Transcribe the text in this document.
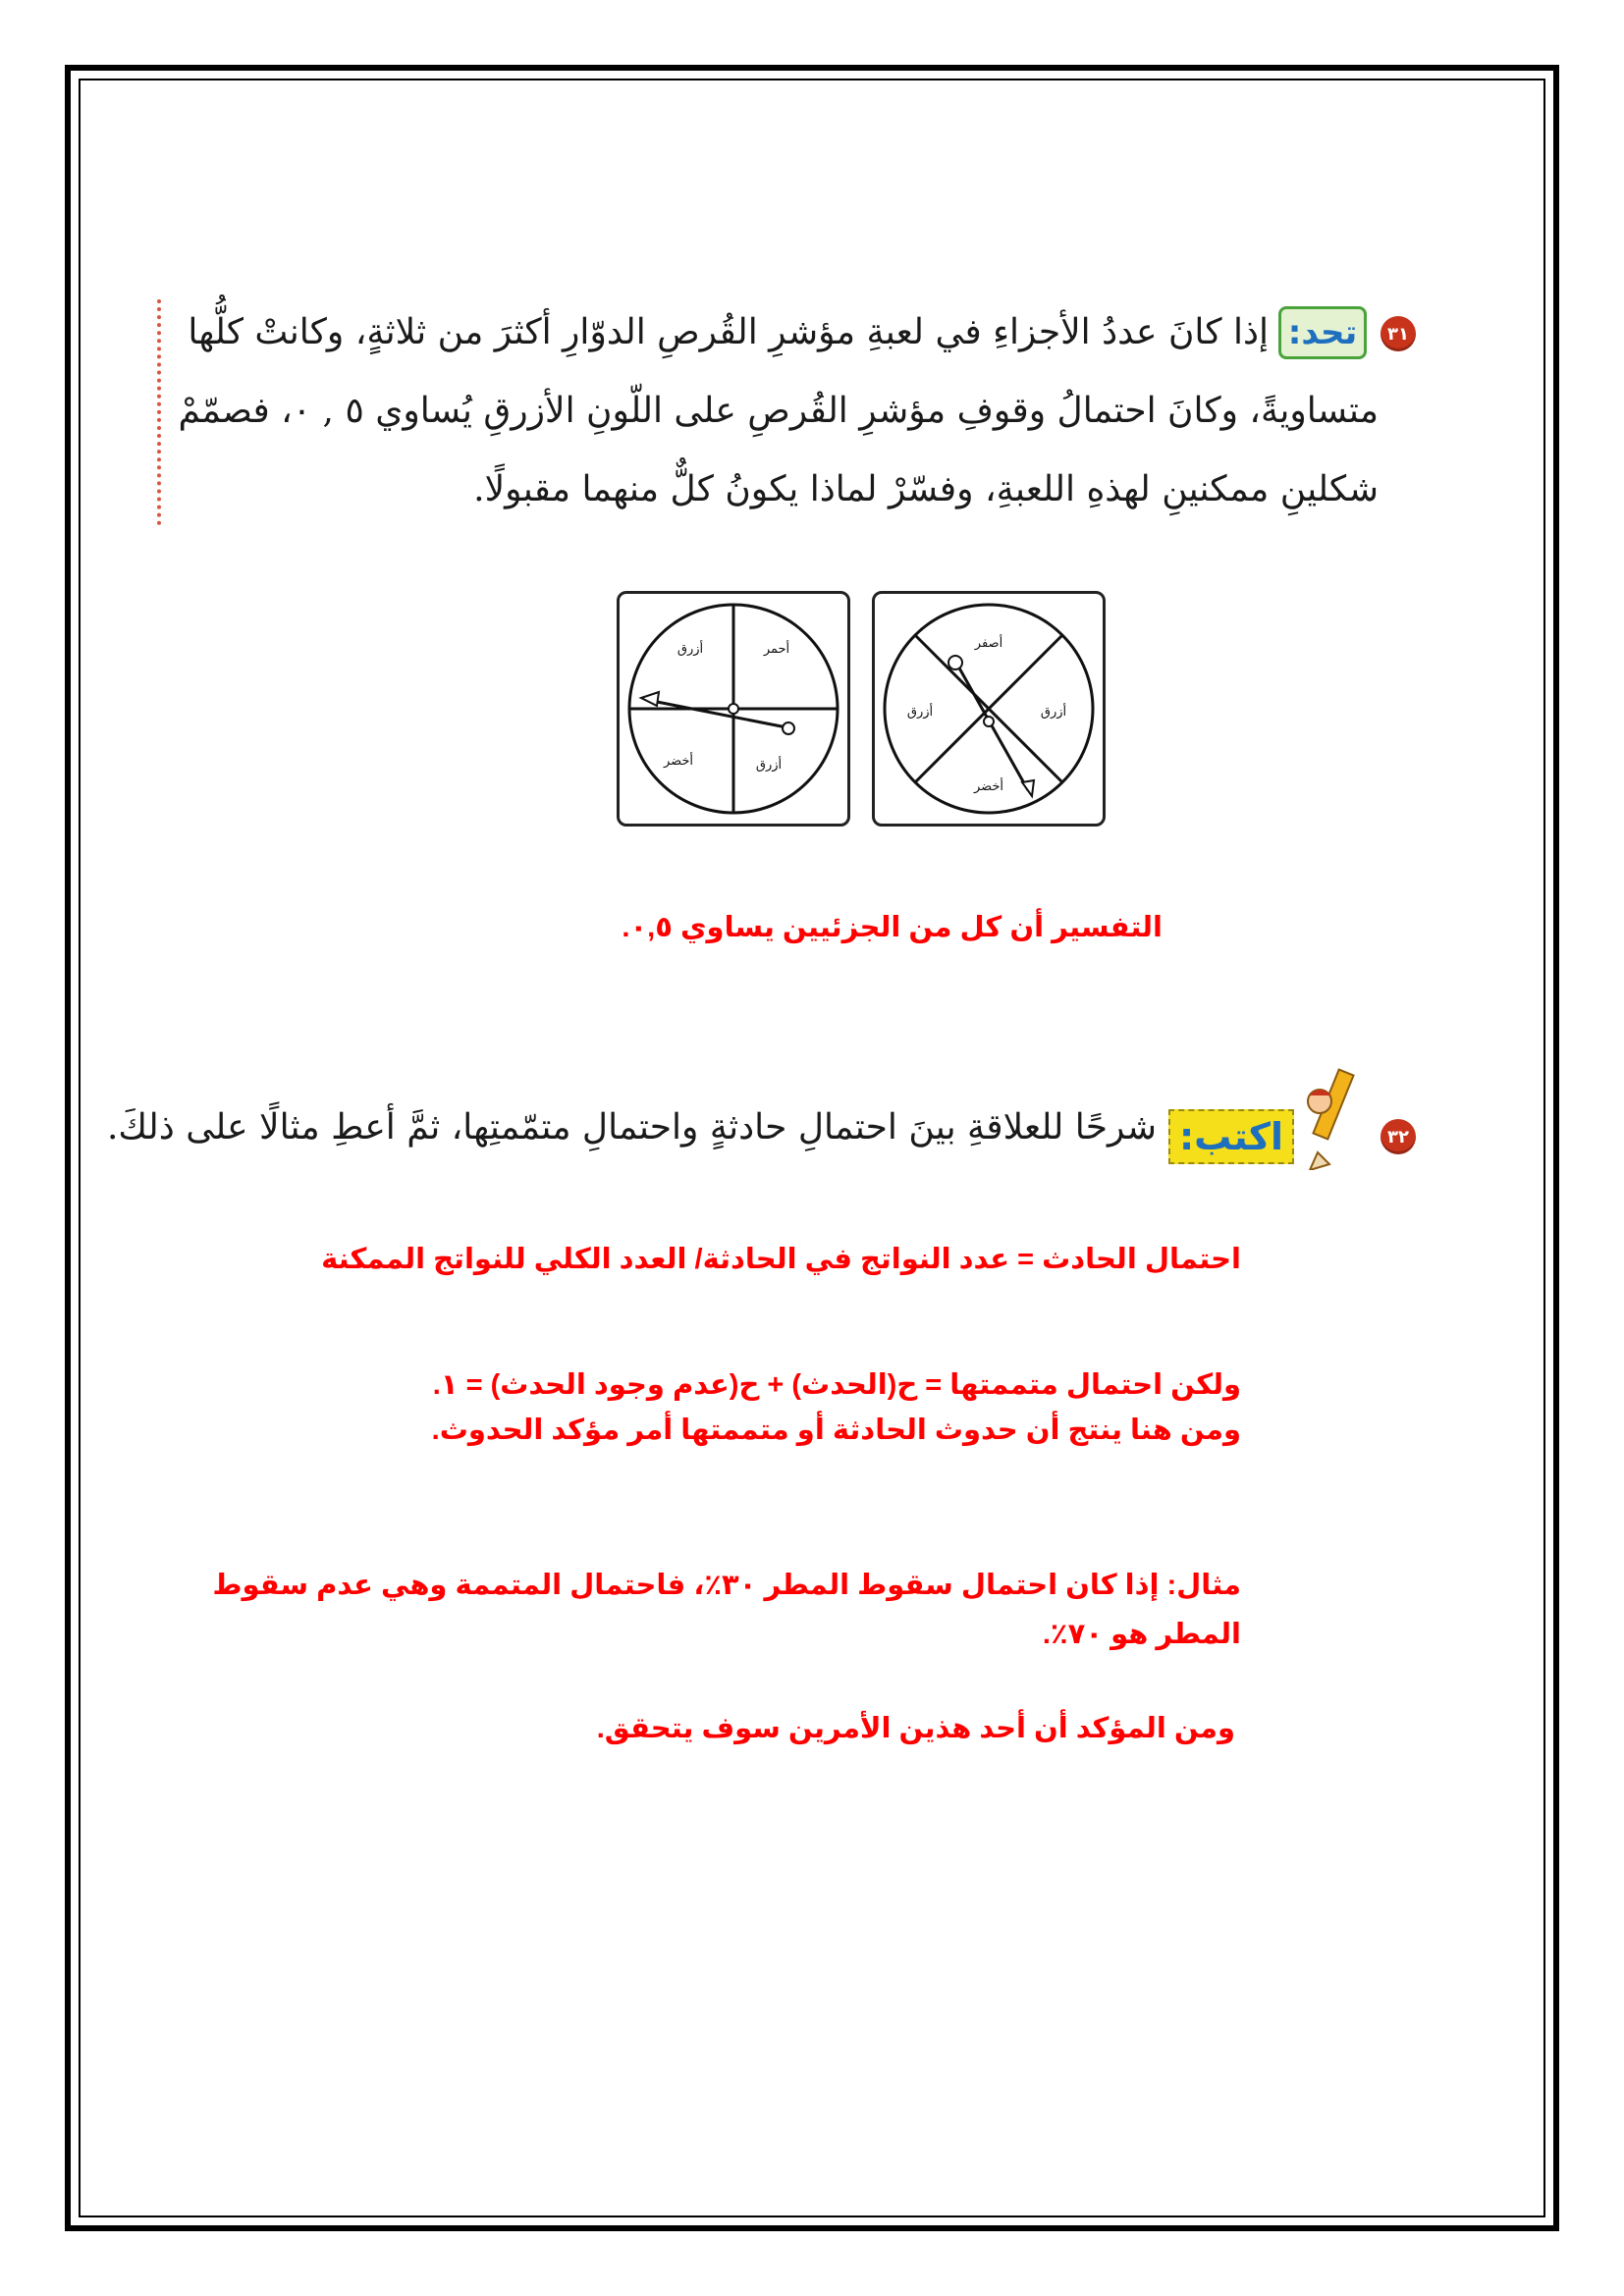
٣١
تحد:
إذا كانَ عددُ الأجزاءِ في لعبةِ مؤشرِ القُرصِ الدوّارِ أكثرَ من ثلاثةٍ، وكانتْ كلُّها
متساويةً، وكانَ احتمالُ وقوفِ مؤشرِ القُرصِ على اللّونِ الأزرقِ يُساوي ٥ , ٠، فصمّمْ
شكلينِ ممكنينِ لهذهِ اللعبةِ، وفسّرْ لماذا يكونُ كلٌّ منهما مقبولًا.
أزرق	أحمر
أخضر	أزرق
أصفر
أزرق	أزرق
أخضر
التفسير أن كل من الجزئيين يساوي ٠,٥.
٣٢
اكتب:
شرحًا للعلاقةِ بينَ احتمالِ حادثةٍ واحتمالِ متمّمتِها، ثمَّ أعطِ مثالًا على ذلكَ.
احتمال الحادث = عدد النواتج في الحادثة/ العدد الكلي للنواتج الممكنة
ولكن احتمال متممتها = ح(الحدث) + ح(عدم وجود الحدث) = ١.
ومن هنا ينتج أن حدوث الحادثة أو متممتها أمر مؤكد الحدوث.
مثال: إذا كان احتمال سقوط المطر ٣٠٪، فاحتمال المتممة وهي عدم سقوط المطر هو ٧٠٪.
ومن المؤكد أن أحد هذين الأمرين سوف يتحقق.
